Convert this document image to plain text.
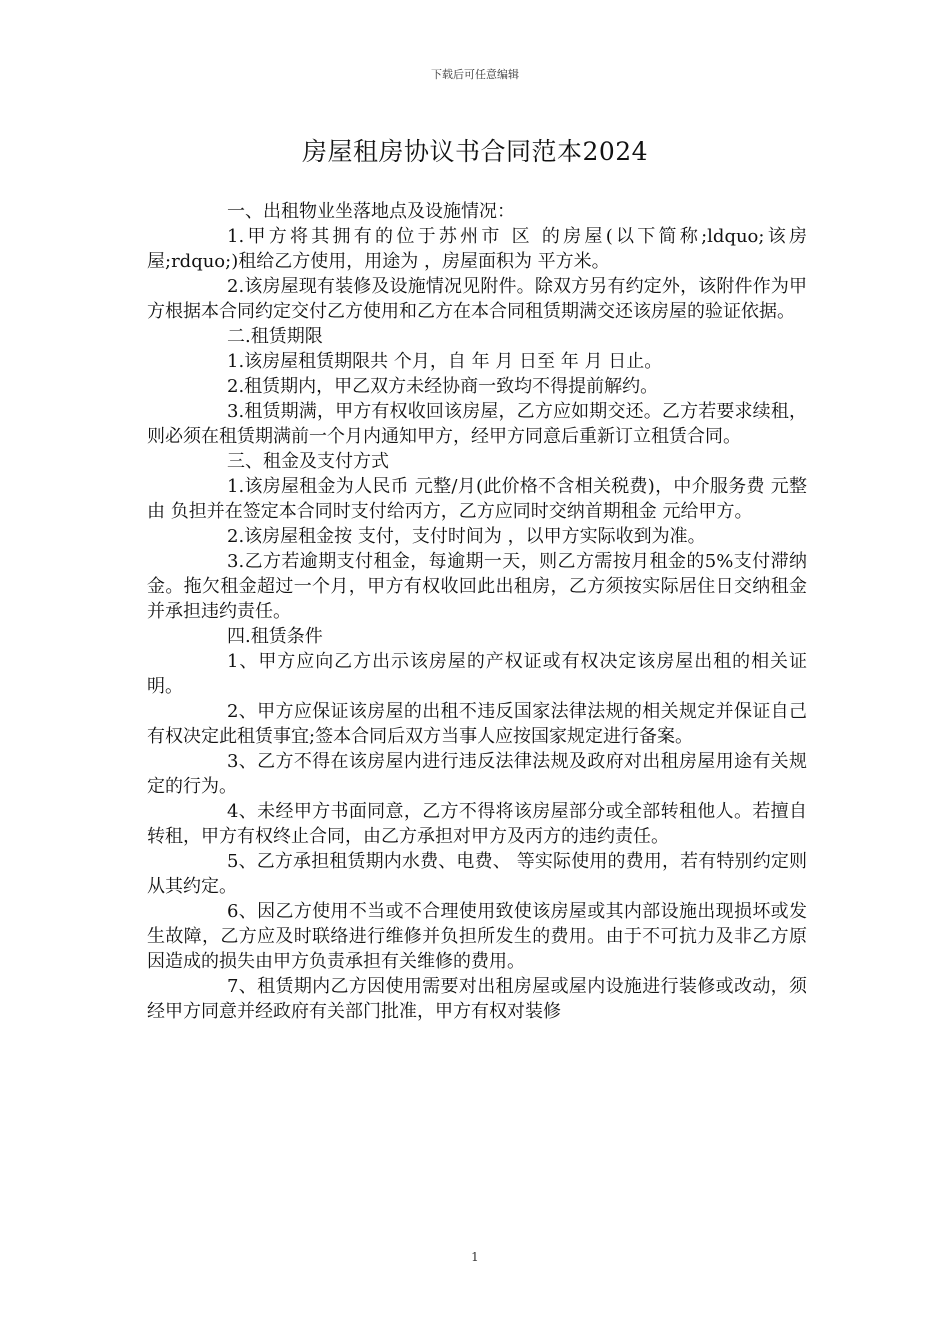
下载后可任意编辑
房屋租房协议书合同范本2024

一、出租物业坐落地点及设施情况：

1.甲方将其拥有的位于苏州市 区 的房屋(以下简称;ldquo;该房屋;rdquo;)租给乙方使用，用途为 ，房屋面积为 平方米。

2.该房屋现有装修及设施情况见附件。除双方另有约定外，该附件作为甲方根据本合同约定交付乙方使用和乙方在本合同租赁期满交还该房屋的验证依据。

二.租赁期限

1.该房屋租赁期限共 个月，自 年 月 日至 年 月 日止。

2.租赁期内，甲乙双方未经协商一致均不得提前解约。

3.租赁期满，甲方有权收回该房屋，乙方应如期交还。乙方若要求续租，则必须在租赁期满前一个月内通知甲方，经甲方同意后重新订立租赁合同。

三、租金及支付方式

1.该房屋租金为人民币 元整/月(此价格不含相关税费)，中介服务费 元整 由 负担并在签定本合同时支付给丙方，乙方应同时交纳首期租金 元给甲方。

2.该房屋租金按 支付，支付时间为 ，以甲方实际收到为准。

3.乙方若逾期支付租金，每逾期一天，则乙方需按月租金的5%支付滞纳金。拖欠租金超过一个月，甲方有权收回此出租房，乙方须按实际居住日交纳租金并承担违约责任。

四.租赁条件

1、甲方应向乙方出示该房屋的产权证或有权决定该房屋出租的相关证明。

2、甲方应保证该房屋的出租不违反国家法律法规的相关规定并保证自己有权决定此租赁事宜;签本合同后双方当事人应按国家规定进行备案。

3、乙方不得在该房屋内进行违反法律法规及政府对出租房屋用途有关规定的行为。

4、未经甲方书面同意，乙方不得将该房屋部分或全部转租他人。若擅自转租，甲方有权终止合同，由乙方承担对甲方及丙方的违约责任。

5、乙方承担租赁期内水费、电费、 等实际使用的费用，若有特别约定则从其约定。

6、因乙方使用不当或不合理使用致使该房屋或其内部设施出现损坏或发生故障，乙方应及时联络进行维修并负担所发生的费用。由于不可抗力及非乙方原因造成的损失由甲方负责承担有关维修的费用。

7、租赁期内乙方因使用需要对出租房屋或屋内设施进行装修或改动，须经甲方同意并经政府有关部门批准，甲方有权对装修

1
